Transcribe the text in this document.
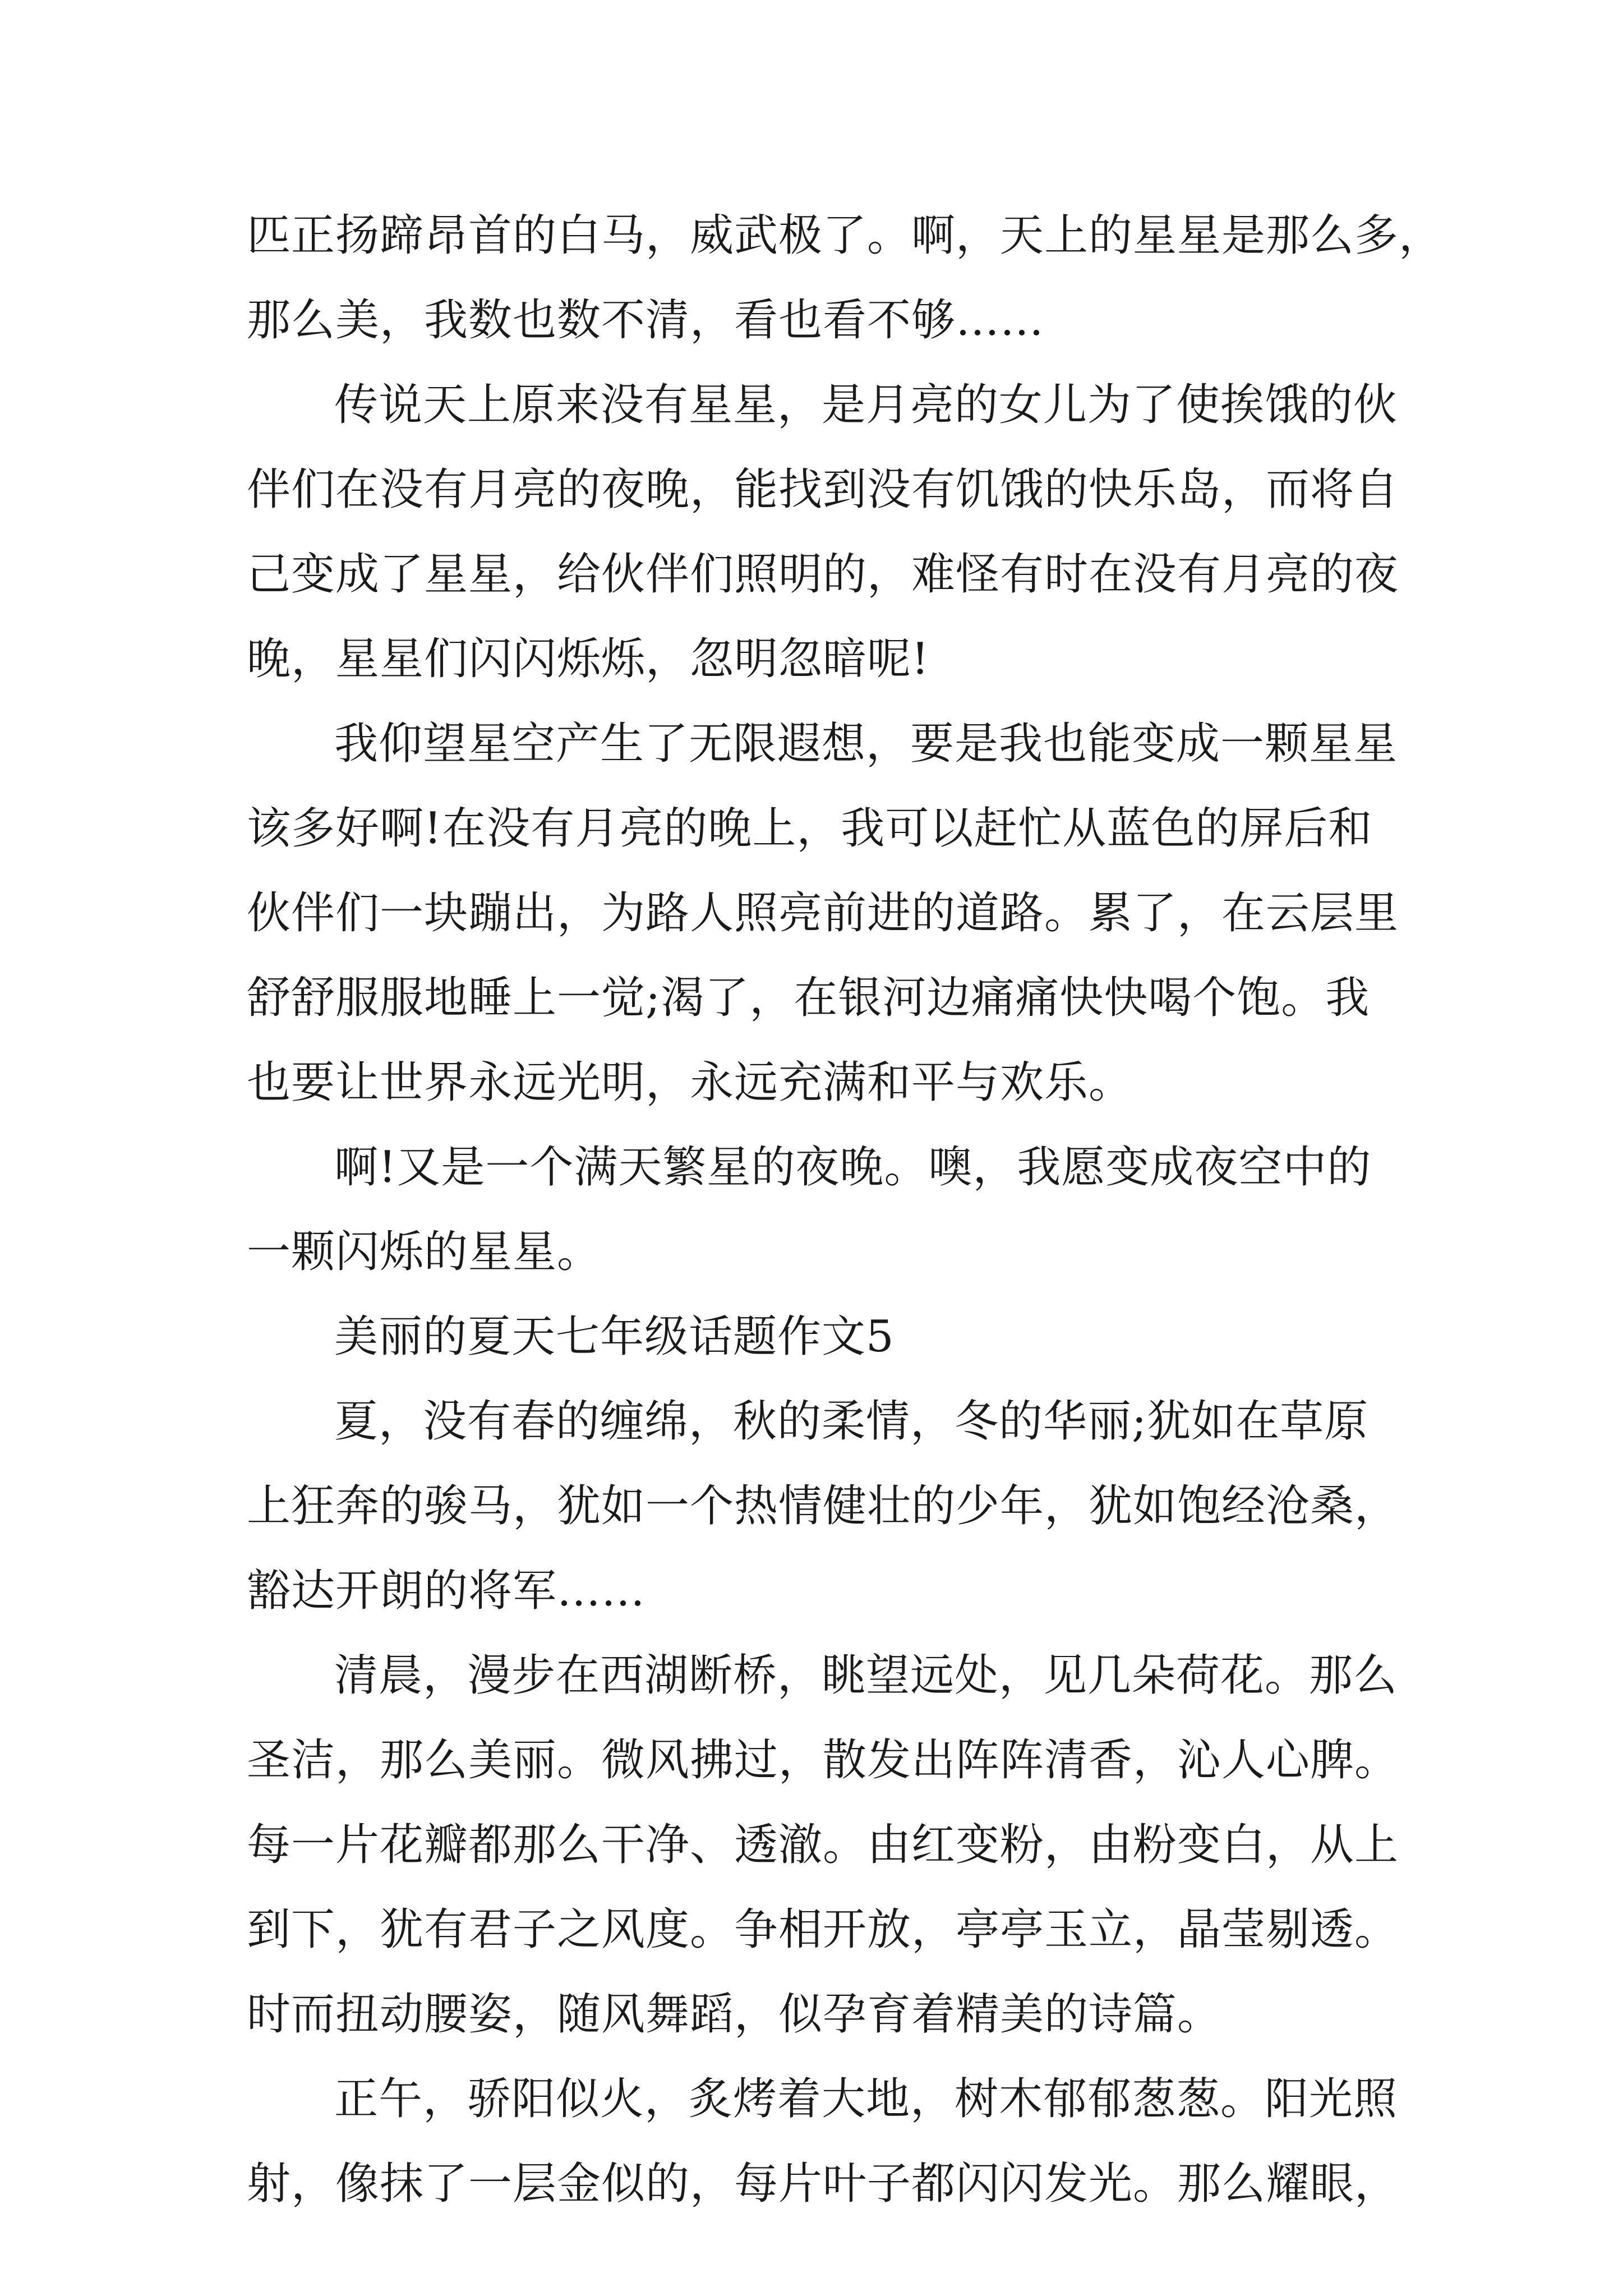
匹正扬蹄昂首的白马，威武极了。啊，天上的星星是那么多，
那么美，我数也数不清，看也看不够……
传说天上原来没有星星，是月亮的女儿为了使挨饿的伙
伴们在没有月亮的夜晚，能找到没有饥饿的快乐岛，而将自
己变成了星星，给伙伴们照明的，难怪有时在没有月亮的夜
晚，星星们闪闪烁烁，忽明忽暗呢!
我仰望星空产生了无限遐想，要是我也能变成一颗星星
该多好啊!在没有月亮的晚上，我可以赶忙从蓝色的屏后和
伙伴们一块蹦出，为路人照亮前进的道路。累了，在云层里
舒舒服服地睡上一觉;渴了，在银河边痛痛快快喝个饱。我
也要让世界永远光明，永远充满和平与欢乐。
啊!又是一个满天繁星的夜晚。噢，我愿变成夜空中的
一颗闪烁的星星。
美丽的夏天七年级话题作文5
夏，没有春的缠绵，秋的柔情，冬的华丽;犹如在草原
上狂奔的骏马，犹如一个热情健壮的少年，犹如饱经沧桑，
豁达开朗的将军……
清晨，漫步在西湖断桥，眺望远处，见几朵荷花。那么
圣洁，那么美丽。微风拂过，散发出阵阵清香，沁人心脾。
每一片花瓣都那么干净、透澈。由红变粉，由粉变白，从上
到下，犹有君子之风度。争相开放，亭亭玉立，晶莹剔透。
时而扭动腰姿，随风舞蹈，似孕育着精美的诗篇。
正午，骄阳似火，炙烤着大地，树木郁郁葱葱。阳光照
射，像抹了一层金似的，每片叶子都闪闪发光。那么耀眼，
